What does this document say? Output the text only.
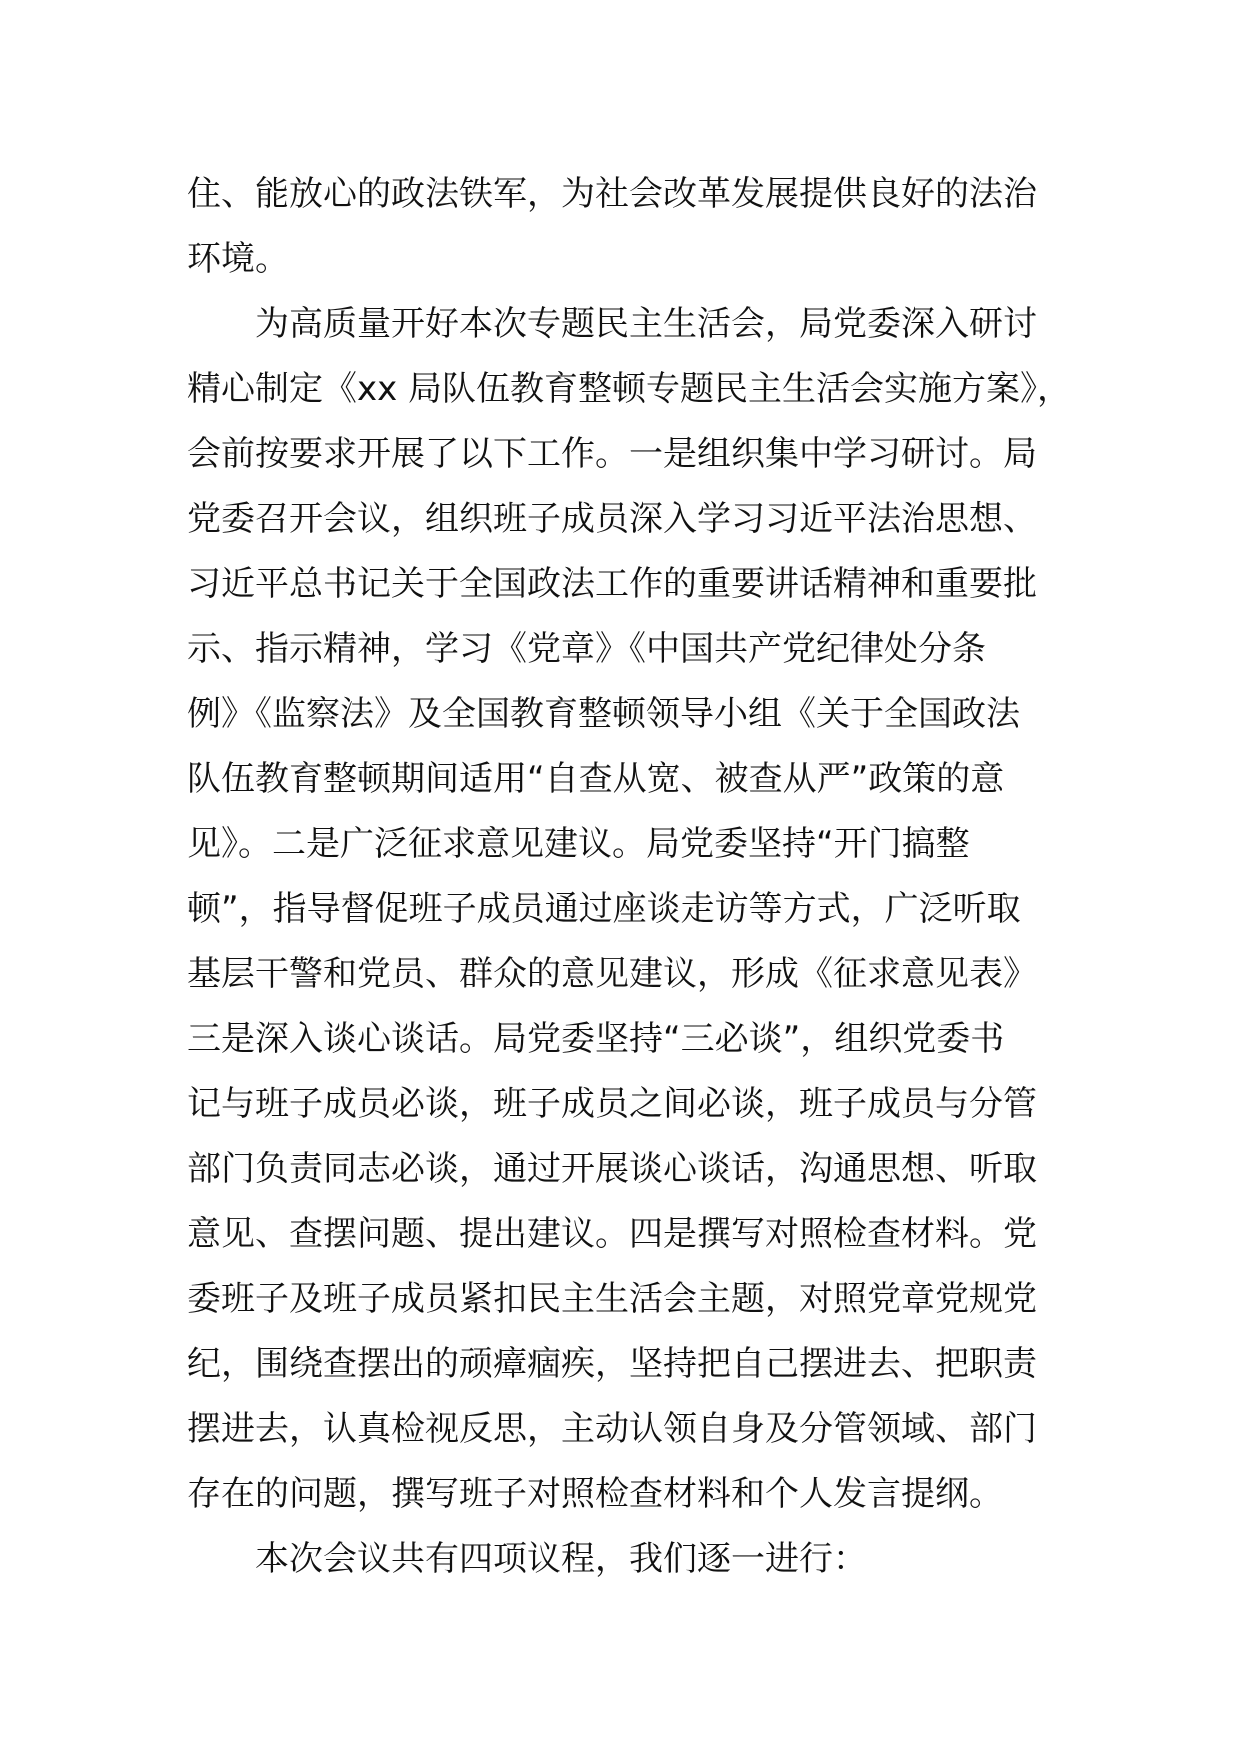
住、能放心的政法铁军，为社会改革发展提供良好的法治
环境。

为高质量开好本次专题民主生活会，局党委深入研讨
精心制定《xx 局队伍教育整顿专题民主生活会实施方案》，
会前按要求开展了以下工作。一是组织集中学习研讨。局
党委召开会议，组织班子成员深入学习习近平法治思想、
习近平总书记关于全国政法工作的重要讲话精神和重要批
示、指示精神，学习《党章》《中国共产党纪律处分条
例》《监察法》及全国教育整顿领导小组《关于全国政法
队伍教育整顿期间适用“自查从宽、被查从严”政策的意
见》。二是广泛征求意见建议。局党委坚持“开门搞整
顿”，指导督促班子成员通过座谈走访等方式，广泛听取
基层干警和党员、群众的意见建议，形成《征求意见表》
三是深入谈心谈话。局党委坚持“三必谈”，组织党委书
记与班子成员必谈，班子成员之间必谈，班子成员与分管
部门负责同志必谈，通过开展谈心谈话，沟通思想、听取
意见、查摆问题、提出建议。四是撰写对照检查材料。党
委班子及班子成员紧扣民主生活会主题，对照党章党规党
纪，围绕查摆出的顽瘴痼疾，坚持把自己摆进去、把职责
摆进去，认真检视反思，主动认领自身及分管领域、部门
存在的问题，撰写班子对照检查材料和个人发言提纲。

本次会议共有四项议程，我们逐一进行：
